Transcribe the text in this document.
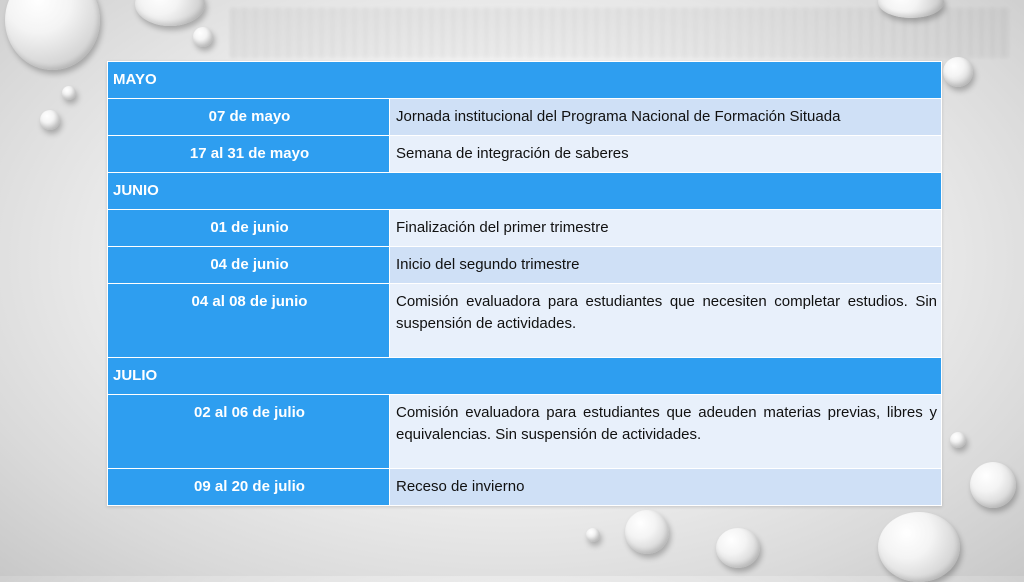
MAYO	
07 de mayo	Jornada institucional del Programa Nacional de Formación Situada
17 al 31 de mayo	Semana de integración de saberes
JUNIO	
01 de junio	Finalización del primer trimestre
04 de junio	Inicio del segundo trimestre
04 al 08 de junio	Comisión evaluadora para estudiantes que necesiten completar estudios. Sin suspensión de actividades.
JULIO	
02 al 06 de julio	Comisión evaluadora para estudiantes que adeuden materias previas, libres y equivalencias. Sin suspensión de actividades.
09 al 20 de julio	Receso de invierno
